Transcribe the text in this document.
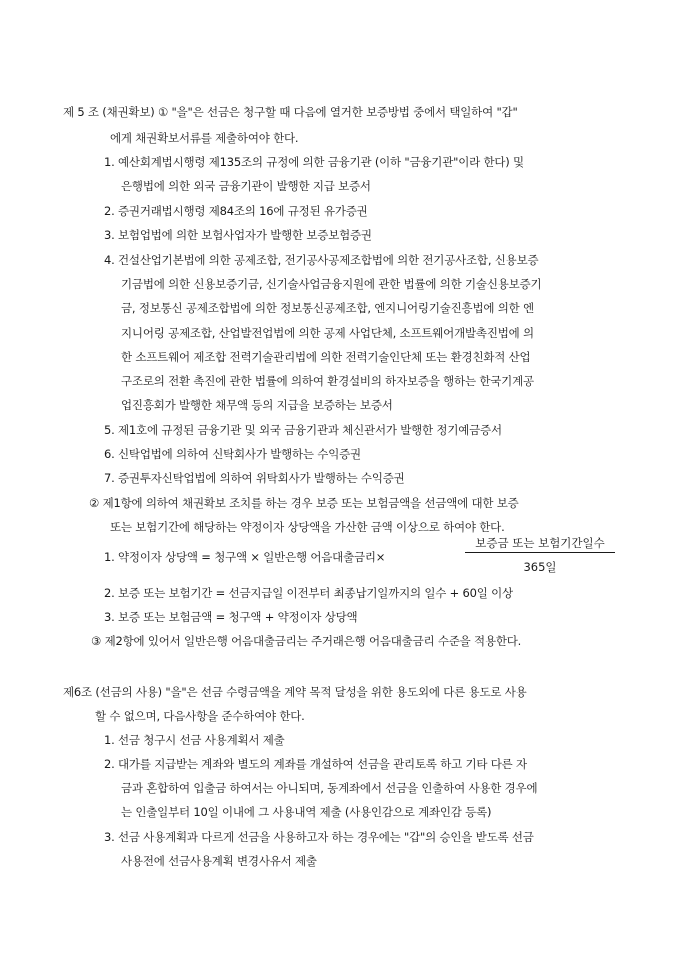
제 5 조 (채권확보) ① "을"은 선금은 청구할 때 다음에 열거한 보증방법 중에서 택일하여 "갑"
에게 채권확보서류를 제출하여야 한다.
1. 예산회계법시행령 제135조의 규정에 의한 금융기관 (이하 "금융기관"이라 한다) 및
은행법에 의한 외국 금융기관이 발행한 지급 보증서
2. 증권거래법시행령 제84조의 16에 규정된 유가증권
3. 보험업법에 의한 보험사업자가 발행한 보증보험증권
4. 건설산업기본법에 의한 공제조합, 전기공사공제조합법에 의한 전기공사조합, 신용보증
기금법에 의한 신용보증기금, 신기술사업금융지원에 관한 법률에 의한 기술신용보증기
금, 정보통신 공제조합법에 의한 정보통신공제조합, 엔지니어링기술진흥법에 의한 엔
지니어링 공제조합, 산업발전업법에 의한 공제 사업단체, 소프트웨어개발촉진법에 의
한 소프트웨어 제조합 전력기술관리법에 의한 전력기술인단체 또는 환경친화적 산업
구조로의 전환 촉진에 관한 법률에 의하여 환경설비의 하자보증을 행하는 한국기계공
업진흥회가 발행한 채무액 등의 지급을 보증하는 보증서
5. 제1호에 규정된 금융기관 및 외국 금융기관과 체신관서가 발행한 정기예금증서
6. 신탁업법에 의하여 신탁회사가 발행하는 수익증권
7. 증권투자신탁업법에 의하여 위탁회사가 발행하는 수익증권
② 제1항에 의하여 채권확보 조치를 하는 경우 보증 또는 보험금액을 선금액에 대한 보증
또는 보험기간에 해당하는 약정이자 상당액을 가산한 금액 이상으로 하여야 한다.
1. 약정이자 상당액 = 청구액 × 일반은행 어음대출금리×
보증금 또는 보험기간일수
365일
2. 보증 또는 보험기간 = 선금지급일 이전부터 최종납기일까지의 일수 + 60일 이상
3. 보증 또는 보험금액 = 청구액 + 약정이자 상당액
③ 제2항에 있어서 일반은행 어음대출금리는 주거래은행 어음대출금리 수준을 적용한다.
제6조 (선금의 사용) "을"은 선금 수령금액을 계약 목적 달성을 위한 용도외에 다른 용도로 사용
할 수 없으며, 다음사항을 준수하여야 한다.
1. 선금 청구시 선금 사용계획서 제출
2. 대가를 지급받는 계좌와 별도의 계좌를 개설하여 선금을 관리토록 하고 기타 다른 자
금과 혼합하여 입출금 하여서는 아니되며, 동계좌에서 선금을 인출하여 사용한 경우에
는 인출일부터 10일 이내에 그 사용내역 제출 (사용인감으로 계좌인감 등록)
3. 선금 사용계획과 다르게 선금을 사용하고자 하는 경우에는 "갑"의 승인을 받도록 선금
사용전에 선금사용계획 변경사유서 제출
